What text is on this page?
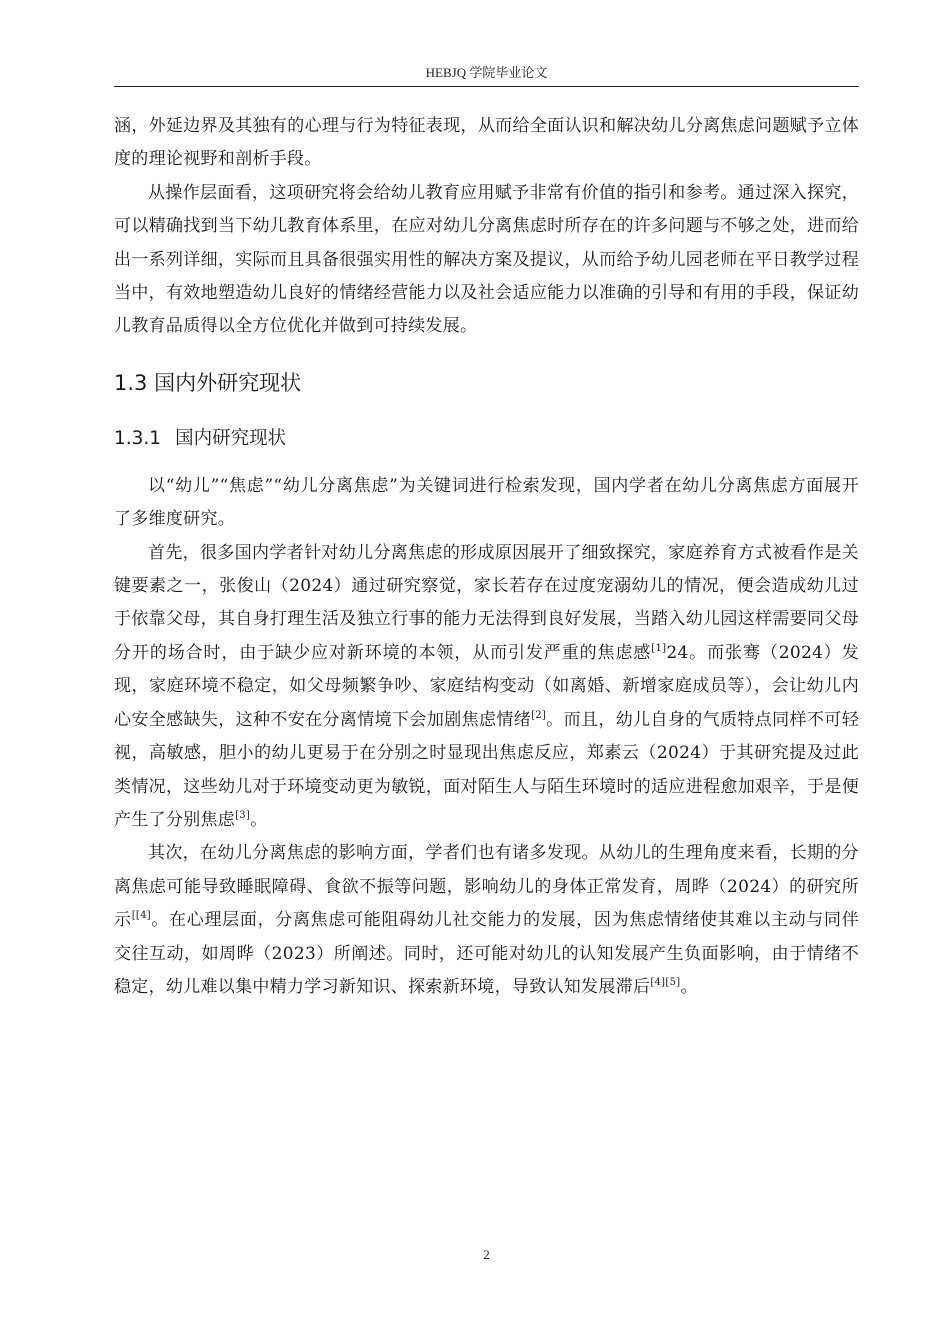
HEBJQ 学院毕业论文

涵，外延边界及其独有的心理与行为特征表现，从而给全面认识和解决幼儿分离焦虑问题赋予立体度的理论视野和剖析手段。

从操作层面看，这项研究将会给幼儿教育应用赋予非常有价值的指引和参考。通过深入探究，可以精确找到当下幼儿教育体系里，在应对幼儿分离焦虑时所存在的许多问题与不够之处，进而给出一系列详细，实际而且具备很强实用性的解决方案及提议，从而给予幼儿园老师在平日教学过程当中，有效地塑造幼儿良好的情绪经营能力以及社会适应能力以准确的引导和有用的手段，保证幼儿教育品质得以全方位优化并做到可持续发展。

1.3 国内外研究现状
1.3.1 国内研究现状

以“幼儿”“焦虑”“幼儿分离焦虑”为关键词进行检索发现，国内学者在幼儿分离焦虑方面展开了多维度研究。

首先，很多国内学者针对幼儿分离焦虑的形成原因展开了细致探究，家庭养育方式被看作是关键要素之一，张俊山（2024）通过研究察觉，家长若存在过度宠溺幼儿的情况，便会造成幼儿过于依靠父母，其自身打理生活及独立行事的能力无法得到良好发展，当踏入幼儿园这样需要同父母分开的场合时，由于缺少应对新环境的本领，从而引发严重的焦虑感[1]24。而张骞（2024）发现，家庭环境不稳定，如父母频繁争吵、家庭结构变动（如离婚、新增家庭成员等），会让幼儿内心安全感缺失，这种不安在分离情境下会加剧焦虑情绪[2]。而且，幼儿自身的气质特点同样不可轻视，高敏感，胆小的幼儿更易于在分别之时显现出焦虑反应，郑素云（2024）于其研究提及过此类情况，这些幼儿对于环境变动更为敏锐，面对陌生人与陌生环境时的适应进程愈加艰辛，于是便产生了分别焦虑[3]。

其次，在幼儿分离焦虑的影响方面，学者们也有诸多发现。从幼儿的生理角度来看，长期的分离焦虑可能导致睡眠障碍、食欲不振等问题，影响幼儿的身体正常发育，周晔（2024）的研究所示[[4]。在心理层面，分离焦虑可能阻碍幼儿社交能力的发展，因为焦虑情绪使其难以主动与同伴交往互动，如周晔（2023）所阐述。同时，还可能对幼儿的认知发展产生负面影响，由于情绪不稳定，幼儿难以集中精力学习新知识、探索新环境，导致认知发展滞后[4][5]。

2
